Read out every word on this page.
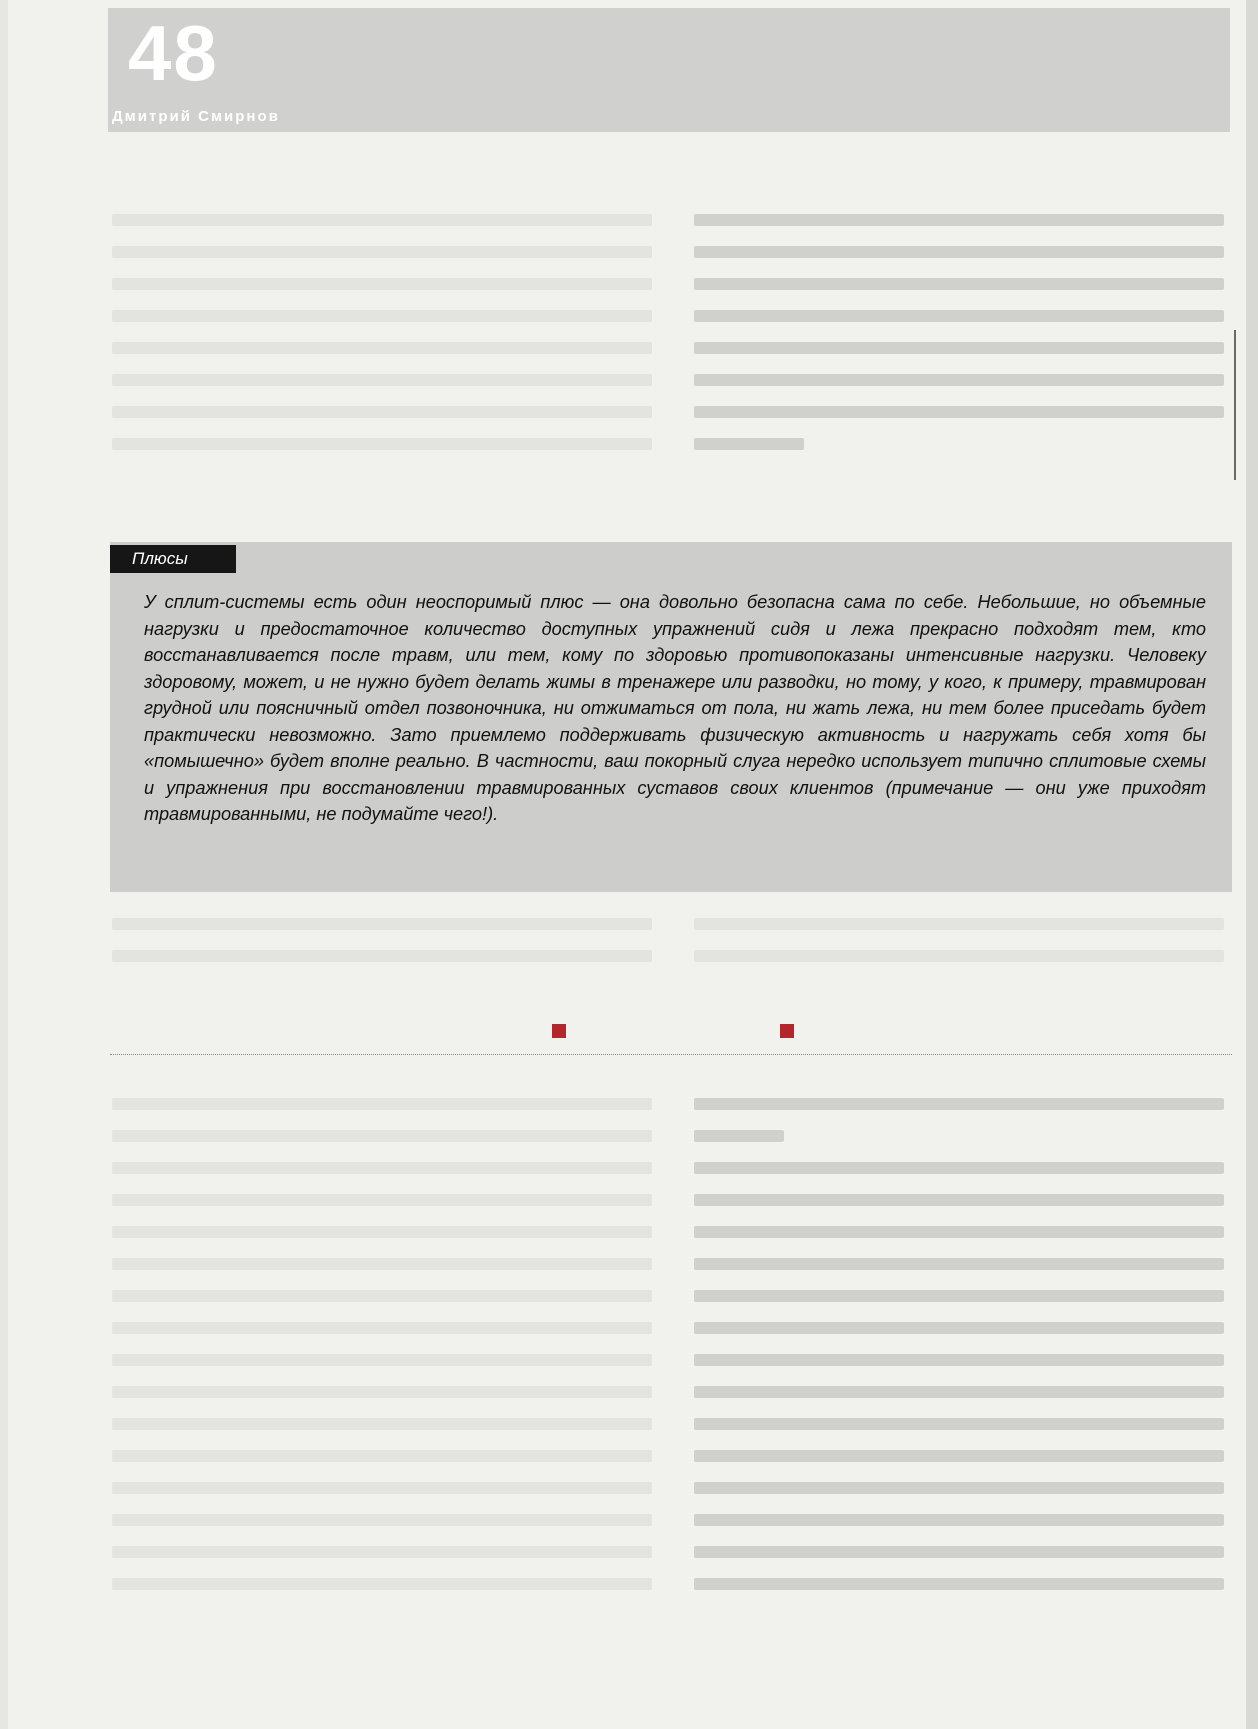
48
Дмитрий Смирнов
Плюсы

У сплит-системы есть один неоспоримый плюс — она довольно безопасна сама по себе. Небольшие, но объемные нагрузки и предостаточное количество доступных упражнений сидя и лежа прекрасно подходят тем, кто восстанавливается после травм, или тем, кому по здоровью противопоказаны интенсивные нагрузки. Человеку здоровому, может, и не нужно будет делать жимы в тренажере или разводки, но тому, у кого, к примеру, травмирован грудной или поясничный отдел позвоночника, ни отжиматься от пола, ни жать лежа, ни тем более приседать будет практически невозможно. Зато приемлемо поддерживать физическую активность и нагружать себя хотя бы «помышечно» будет вполне реально. В частности, ваш покорный слуга нередко использует типично сплитовые схемы и упражнения при восстановлении травмированных суставов своих клиентов (примечание — они уже приходят травмированными, не подумайте чего!).
